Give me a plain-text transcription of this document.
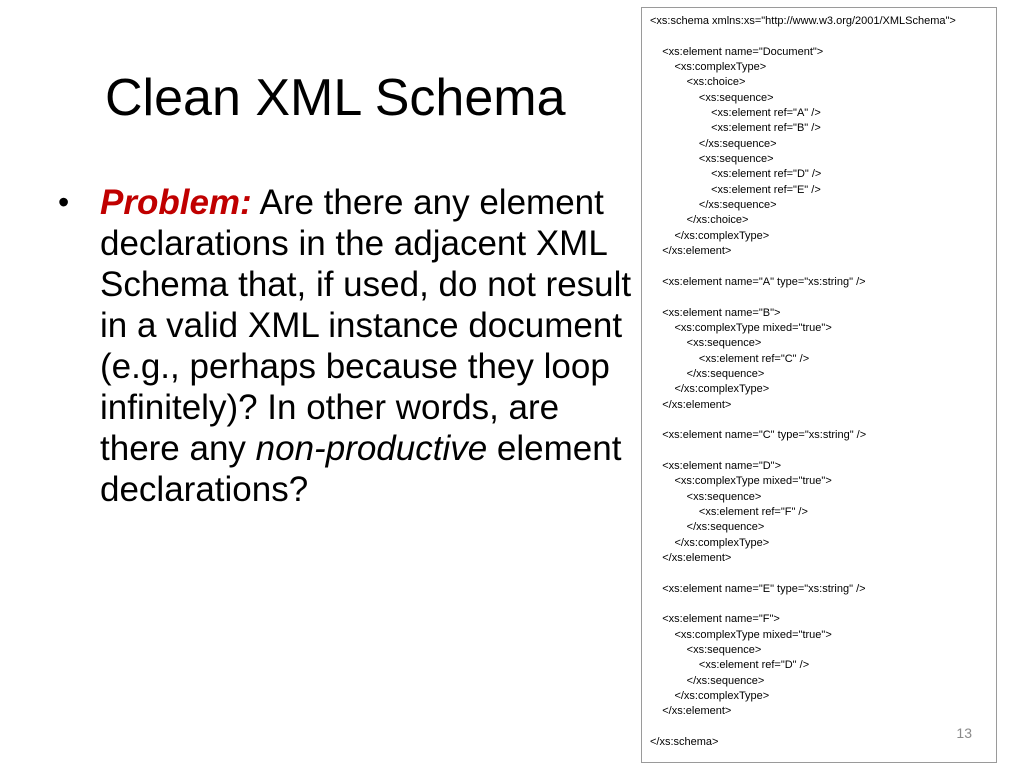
Clean XML Schema
• Problem: Are there any element declarations in the adjacent XML Schema that, if used, do not result in a valid XML instance document (e.g., perhaps because they loop infinitely)? In other words, are there any non-productive element declarations?
<xs:schema xmlns:xs="http://www.w3.org/2001/XMLSchema">
<xs:element name="Document">
<xs:complexType>
<xs:choice>
<xs:sequence>
<xs:element ref="A" />
<xs:element ref="B" />
</xs:sequence>
<xs:sequence>
<xs:element ref="D" />
<xs:element ref="E" />
</xs:sequence>
</xs:choice>
</xs:complexType>
</xs:element>
<xs:element name="A" type="xs:string" />
<xs:element name="B">
<xs:complexType mixed="true">
<xs:sequence>
<xs:element ref="C" />
</xs:sequence>
</xs:complexType>
</xs:element>
<xs:element name="C" type="xs:string" />
<xs:element name="D">
<xs:complexType mixed="true">
<xs:sequence>
<xs:element ref="F" />
</xs:sequence>
</xs:complexType>
</xs:element>
<xs:element name="E" type="xs:string" />
<xs:element name="F">
<xs:complexType mixed="true">
<xs:sequence>
<xs:element ref="D" />
</xs:sequence>
</xs:complexType>
</xs:element>
</xs:schema>
13
